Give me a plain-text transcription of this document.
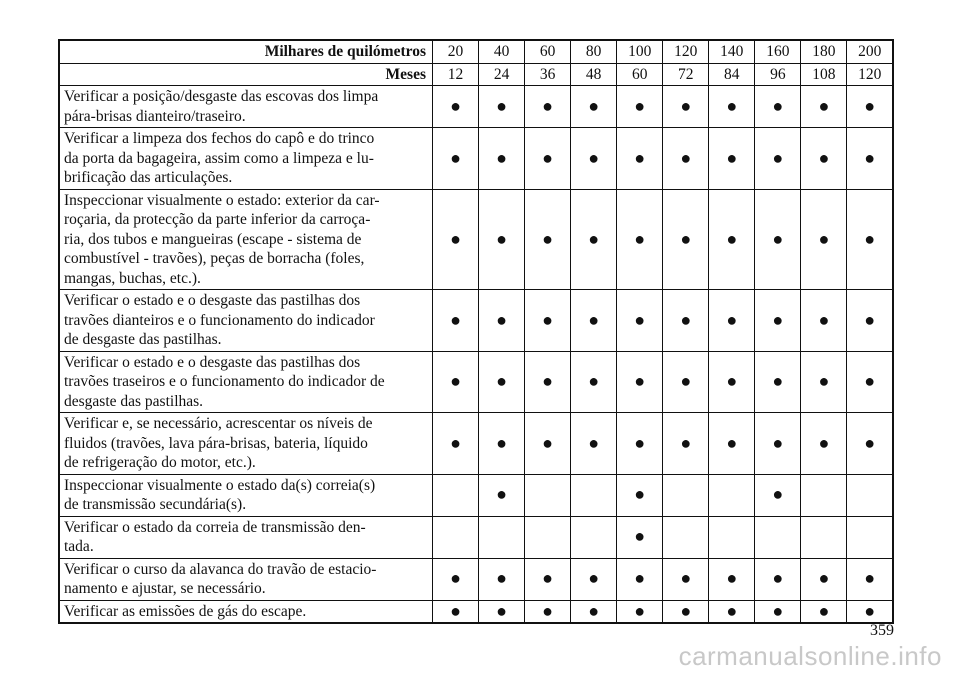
Milhares de quilómetros	20	40	60	80	100	120	140	160	180	200
Meses	12	24	36	48	60	72	84	96	108	120
Verificar a posição/desgaste das escovas dos limpa
pára-brisas dianteiro/traseiro.	●	●	●	●	●	●	●	●	●	●
Verificar a limpeza dos fechos do capô e do trinco
da porta da bagageira, assim como a limpeza e lu-
brificação das articulações.	●	●	●	●	●	●	●	●	●	●
Inspeccionar visualmente o estado: exterior da car-
roçaria, da protecção da parte inferior da carroça-
ria, dos tubos e mangueiras (escape - sistema de
combustível - travões), peças de borracha (foles,
mangas, buchas, etc.).	●	●	●	●	●	●	●	●	●	●
Verificar o estado e o desgaste das pastilhas dos
travões dianteiros e o funcionamento do indicador
de desgaste das pastilhas.	●	●	●	●	●	●	●	●	●	●
Verificar o estado e o desgaste das pastilhas dos
travões traseiros e o funcionamento do indicador de
desgaste das pastilhas.	●	●	●	●	●	●	●	●	●	●
Verificar e, se necessário, acrescentar os níveis de
fluidos (travões, lava pára-brisas, bateria, líquido
de refrigeração do motor, etc.).	●	●	●	●	●	●	●	●	●	●
Inspeccionar visualmente o estado da(s) correia(s)
de transmissão secundária(s).		●			●			●		
Verificar o estado da correia de transmissão den-
tada.					●					
Verificar o curso da alavanca do travão de estacio-
namento e ajustar, se necessário.	●	●	●	●	●	●	●	●	●	●
Verificar as emissões de gás do escape.	●	●	●	●	●	●	●	●	●	●
359
carmanualsonline.info
